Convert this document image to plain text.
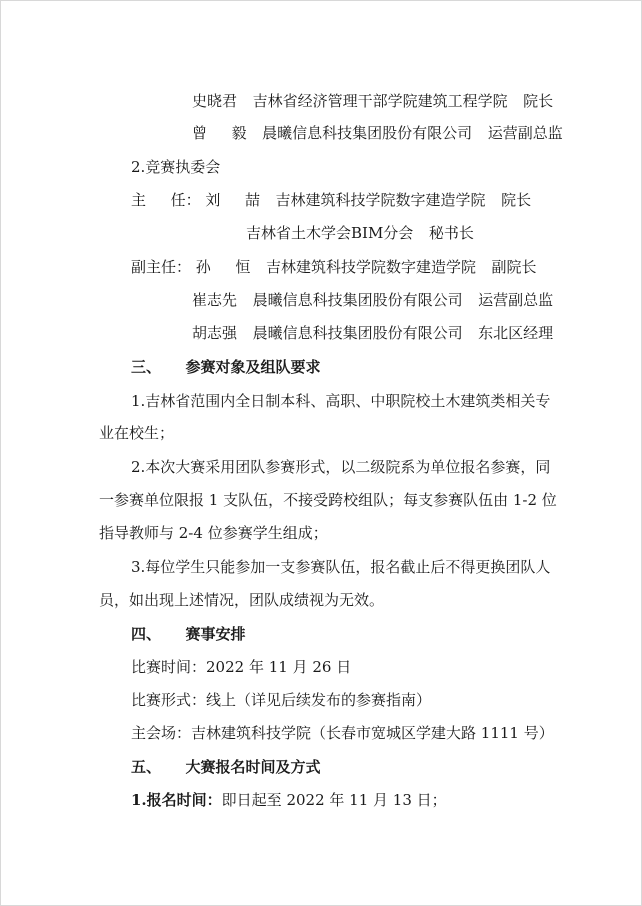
史晓君 吉林省经济管理干部学院建筑工程学院 院长
曾 毅 晨曦信息科技集团股份有限公司 运营副总监
2.竞赛执委会
主 任： 刘 喆 吉林建筑科技学院数字建造学院 院长
吉林省土木学会BIM分会 秘书长
副主任： 孙 恒 吉林建筑科技学院数字建造学院 副院长
崔志先 晨曦信息科技集团股份有限公司 运营副总监
胡志强 晨曦信息科技集团股份有限公司 东北区经理
三、 参赛对象及组队要求
1.吉林省范围内全日制本科、高职、中职院校土木建筑类相关专
业在校生；
2.本次大赛采用团队参赛形式，以二级院系为单位报名参赛，同
一参赛单位限报 1 支队伍，不接受跨校组队；每支参赛队伍由 1-2 位
指导教师与 2-4 位参赛学生组成；
3.每位学生只能参加一支参赛队伍，报名截止后不得更换团队人
员，如出现上述情况，团队成绩视为无效。
四、 赛事安排
比赛时间：2022 年 11 月 26 日
比赛形式：线上（详见后续发布的参赛指南）
主会场：吉林建筑科技学院（长春市宽城区学建大路 1111 号）
五、 大赛报名时间及方式
1.报名时间：即日起至 2022 年 11 月 13 日；
